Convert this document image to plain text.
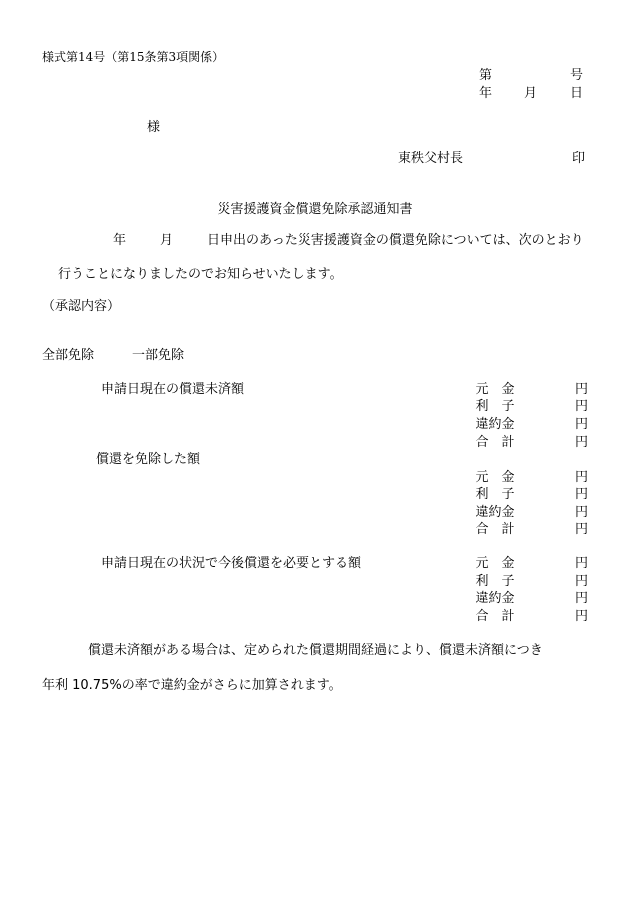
様式第14号（第15条第3項関係）
第	号
年 月	日
様
東秩父村長	印
災害援護資金償還免除承認通知書
年	月	日申出のあった災害援護資金の償還免除については、次のとおり
行うことになりましたのでお知らせいたします。
（承認内容）
全部免除	一部免除
申請日現在の償還未済額	元　金	円
利　子	円
違約金	円
合　計	円
償還を免除した額
元　金	円
利　子	円
違約金	円
合　計	円
申請日現在の状況で今後償還を必要とする額	元　金	円
利　子	円
違約金	円
合　計	円
償還未済額がある場合は、定められた償還期間経過により、償還未済額につき
年利 10.75%の率で違約金がさらに加算されます。
